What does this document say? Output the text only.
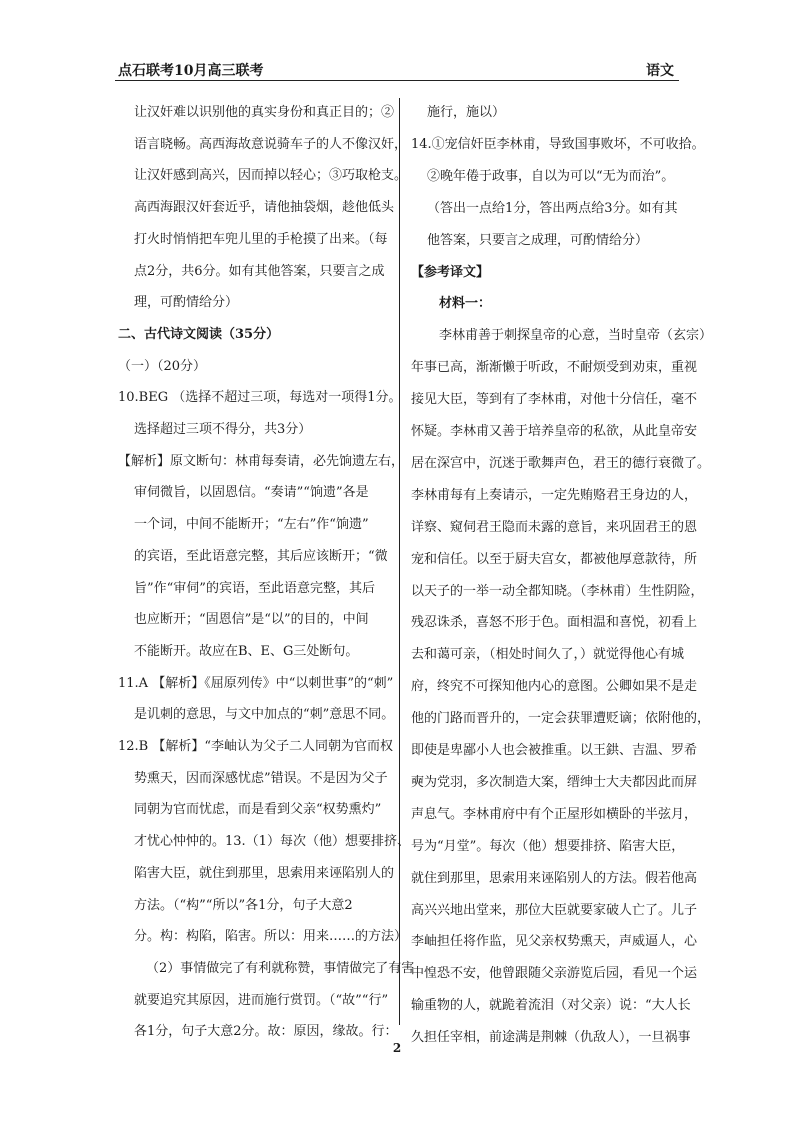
点石联考10月高三联考	语文
让汉奸难以识别他的真实身份和真正目的；②
语言晓畅。高西海故意说骑车子的人不像汉奸，
让汉奸感到高兴，因而掉以轻心；③巧取枪支。
高西海跟汉奸套近乎，请他抽袋烟，趁他低头
打火时悄悄把车兜儿里的手枪摸了出来。（每
点2分，共6分。如有其他答案，只要言之成
理，可酌情给分）
二、古代诗文阅读（35分）
（一）（20分）
10.BEG （选择不超过三项，每选对一项得1分。
选择超过三项不得分，共3分）
【解析】原文断句：林甫每奏请，必先饷遗左右，
审伺微旨，以固恩信。“奏请”“饷遗”各是
一个词，中间不能断开；“左右”作“饷遗”
的宾语，至此语意完整，其后应该断开；“微
旨”作“审伺”的宾语，至此语意完整，其后
也应断开；“固恩信”是“以”的目的，中间
不能断开。故应在B、E、G三处断句。
11.A 【解析】《屈原列传》中“以刺世事”的“刺”
是讥刺的意思，与文中加点的“刺”意思不同。
12.B 【解析】“李岫认为父子二人同朝为官而权
势熏天，因而深感忧虑”错误。不是因为父子
同朝为官而忧虑，而是看到父亲“权势熏灼”
才忧心忡忡的。13.（1）每次（他）想要排挤、
陷害大臣，就住到那里，思索用来诬陷别人的
方法。（“构”“所以”各1分，句子大意2
分。构：构陷，陷害。所以：用来……的方法）
（2）事情做完了有利就称赞，事情做完了有害
就要追究其原因，进而施行赏罚。（“故”“行”
各1分，句子大意2分。故：原因，缘故。行：
施行，施以）
14.①宠信奸臣李林甫，导致国事败坏，不可收拾。
②晚年倦于政事，自以为可以“无为而治”。
（答出一点给1分，答出两点给3分。如有其
他答案，只要言之成理，可酌情给分）
【参考译文】
材料一：
李林甫善于刺探皇帝的心意，当时皇帝（玄宗）
年事已高，渐渐懒于听政，不耐烦受到劝束，重视
接见大臣，等到有了李林甫，对他十分信任，毫不
怀疑。李林甫又善于培养皇帝的私欲，从此皇帝安
居在深宫中，沉迷于歌舞声色，君王的德行衰微了。
李林甫每有上奏请示，一定先贿赂君王身边的人，
详察、窥伺君王隐而未露的意旨，来巩固君王的恩
宠和信任。以至于厨夫宫女，都被他厚意款待，所
以天子的一举一动全都知晓。（李林甫）生性阴险，
残忍诛杀，喜怒不形于色。面相温和喜悦，初看上
去和蔼可亲，（相处时间久了，）就觉得他心有城
府，终究不可探知他内心的意图。公卿如果不是走
他的门路而晋升的，一定会获罪遭贬谪；依附他的，
即使是卑鄙小人也会被推重。以王鉷、吉温、罗希
奭为党羽，多次制造大案，缙绅士大夫都因此而屏
声息气。李林甫府中有个正屋形如横卧的半弦月，
号为“月堂”。每次（他）想要排挤、陷害大臣，
就住到那里，思索用来诬陷别人的方法。假若他高
高兴兴地出堂来，那位大臣就要家破人亡了。儿子
李岫担任将作监，见父亲权势熏天，声威逼人，心
中惶恐不安，他曾跟随父亲游览后园，看见一个运
输重物的人，就跪着流泪（对父亲）说：“大人长
久担任宰相，前途满是荆棘（仇敌人），一旦祸事
2
